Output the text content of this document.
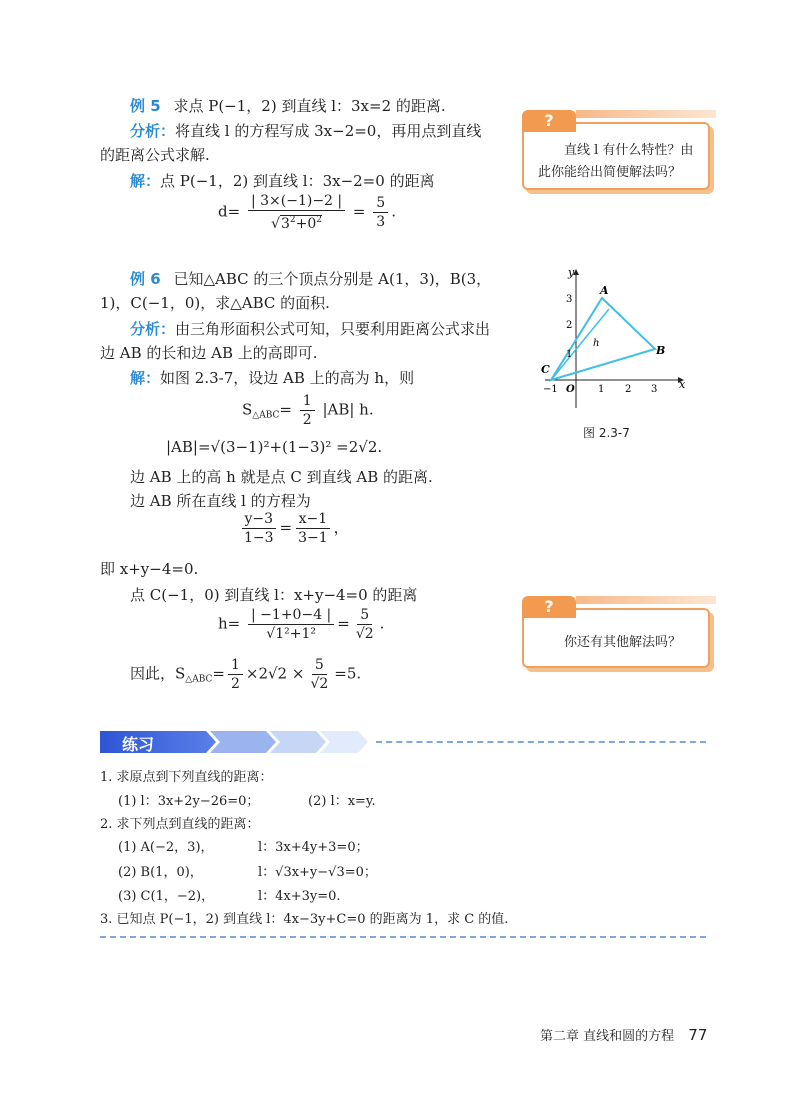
例 5 求点 P(−1，2) 到直线 l：3x=2 的距离.
分析：将直线 l 的方程写成 3x−2=0，再用点到直线
的距离公式求解.
解：点 P(−1，2) 到直线 l：3x−2=0 的距离
$d= \frac{| 3\times(-1)-2 |}{√3^2+0^2} = \frac{5}{3}$ .
?
直线 l 有什么特性？由
此你能给出简便解法吗？
例 6 已知△ABC 的三个顶点分别是 A(1，3)，B(3，
1)，C(−1，0)，求△ABC 的面积.
分析：由三角形面积公式可知，只要利用距离公式求出
边 AB 的长和边 AB 上的高即可.
解：如图 2.3-7，设边 AB 上的高为 h，则
$S_{\triangle ABC}= \frac{1}{2} |AB|$ h.
|AB|=√(3−1)²+(1−3)² =2√2.
边 AB 上的高 h 就是点 C 到直线 AB 的距离.
边 AB 所在直线 l 的方程为
$\frac{y-3}{1-3} = \frac{x-1}{3-1}$ ，
即 x+y−4=0.
点 C(−1，0) 到直线 l：x+y−4=0 的距离
$h= \frac{| -1+0-4 |}{\text{√1²+1²}} = \frac{5}{√2}$ .
因此，$S_{\triangle ABC}= \frac{1}{2} \times 2√2 \times \frac{5}{√2} =5$.
x
y
O
−1	1 2 3
1
2
3
A
B
C
h
图 2.3-7
?
你还有其他解法吗？
练习
1. 求原点到下列直线的距离：
(1) l：3x+2y−26=0；	(2) l：x=y.
2. 求下列点到直线的距离：
(1) A(−2，3)，	l：3x+4y+3=0；
(2) B(1，0)，	l：√3x+y−√3=0；
(3) C(1，−2)，	l：4x+3y=0.
3. 已知点 P(−1，2) 到直线 l：4x−3y+C=0 的距离为 1，求 C 的值.
第二章 直线和圆的方程 77
